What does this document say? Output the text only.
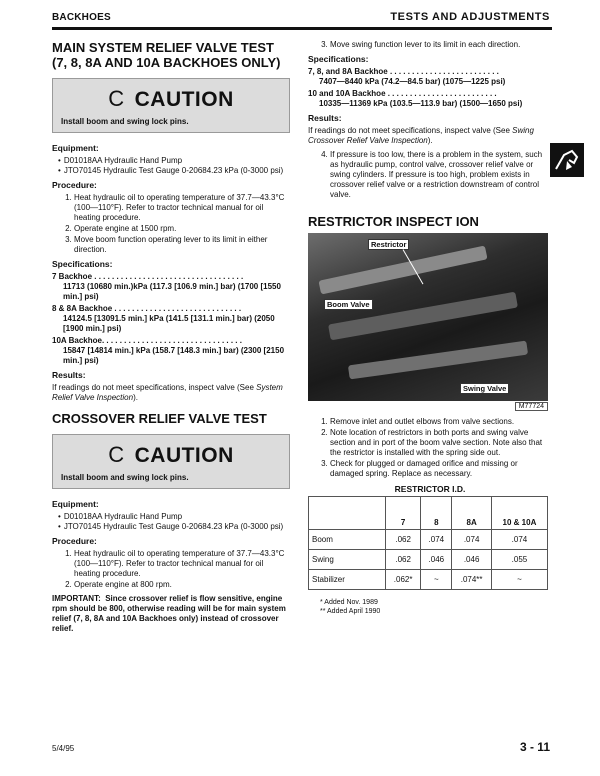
BACKHOES	TESTS AND ADJUSTMENTS
MAIN SYSTEM RELIEF VALVE TEST (7, 8, 8A AND 10A BACKHOES ONLY)
C CAUTION
Install boom and swing lock pins.
Equipment:
• D01018AA Hydraulic Hand Pump
• JTO70145 Hydraulic Test Gauge 0-20684.23 kPa (0-3000 psi)
Procedure:
1. Heat hydraulic oil to operating temperature of 37.7—43.3°C (100—110°F). Refer to tractor technical manual for oil heating procedure.
2. Operate engine at 1500 rpm.
3. Move boom function operating lever to its limit in either direction.
Specifications:
7 Backhoe . . . . . . . . . . . . . . . . . . . . . . . . . . . . . . . . . .
11713 (10680 min.)kPa (117.3 [106.9 min.] bar) (1700 [1550 min.] psi)
8 & 8A Backhoe . . . . . . . . . . . . . . . . . . . . . . . . . . . . .
14124.5 [13091.5 min.] kPa (141.5 [131.1 min.] bar) (2050 [1900 min.] psi)
10A Backhoe. . . . . . . . . . . . . . . . . . . . . . . . . . . . . . . .
15847 [14814 min.] kPa (158.7 [148.3 min.] bar) (2300 [2150 min.] psi)
Results:
If readings do not meet specifications, inspect valve (See System Relief Valve Inspection).
CROSSOVER RELIEF VALVE TEST
C CAUTION
Install boom and swing lock pins.
Equipment:
• D01018AA Hydraulic Hand Pump
• JTO70145 Hydraulic Test Gauge 0-20684.23 kPa (0-3000 psi)
Procedure:
1. Heat hydraulic oil to operating temperature of 37.7—43.3°C (100—110°F). Refer to tractor technical manual for oil heating procedure.
2. Operate engine at 800 rpm.
IMPORTANT: Since crossover relief is flow sensitive, engine rpm should be 800, otherwise reading will be for main system relief (7, 8, 8A and 10A Backhoes only) instead of crossover relief.
3. Move swing function lever to its limit in each direction.
Specifications:
7, 8, and 8A Backhoe . . . . . . . . . . . . . . . . . . . . . . . . .
7407—8440 kPa (74.2—84.5 bar) (1075—1225 psi)
10 and 10A Backhoe . . . . . . . . . . . . . . . . . . . . . . . . .
10335—11369 kPa (103.5—113.9 bar) (1500—1650 psi)
Results:
If readings do not meet specifications, inspect valve (See Swing Crossover Relief Valve Inspection).
4. If pressure is too low, there is a problem in the system, such as hydraulic pump, control valve, crossover relief valve or swing cylinders. If pressure is too high, problem exists in crossover relief valve or a restriction downstream of control valve.
RESTRICTOR INSPECT ION
Restrictor
Boom Valve
Swing Valve
M77724
1. Remove inlet and outlet elbows from valve sections.
2. Note location of restrictors in both ports and swing valve section and in port of the boom valve section. Note also that the restrictor is installed with the spring side out.
3. Check for plugged or damaged orifice and missing or damaged spring. Replace as necessary.
RESTRICTOR I.D.
	7	8	8A	10 & 10A
Boom	.062	.074	.074	.074
Swing	.062	.046	.046	.055
Stabilizer	.062*	~	.074**	~
* Added Nov. 1989
** Added April 1990
5/4/95	3 - 11
